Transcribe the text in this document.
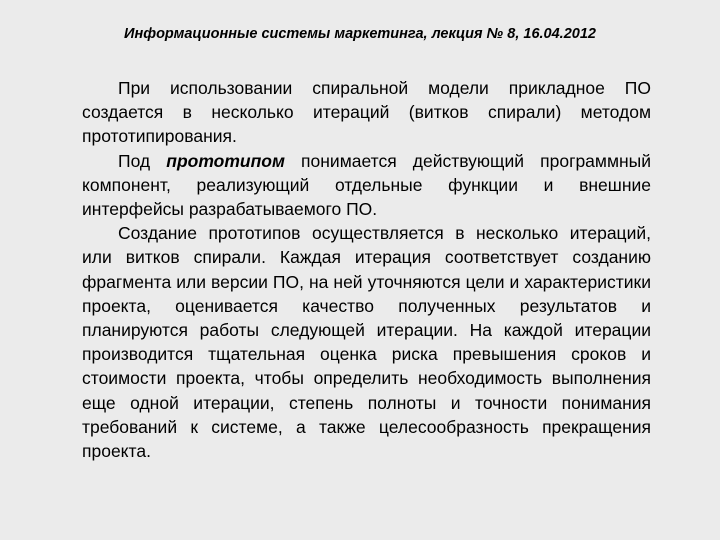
Информационные системы маркетинга, лекция № 8, 16.04.2012

При использовании спиральной модели прикладное ПО создается в несколько итераций (витков спирали) методом прототипирования.

Под прототипом понимается действующий программный компонент, реализующий отдельные функции и внешние интерфейсы разрабатываемого ПО.

Создание прототипов осуществляется в несколько итераций, или витков спирали. Каждая итерация соответствует созданию фрагмента или версии ПО, на ней уточняются цели и характеристики проекта, оценивается качество полученных результатов и планируются работы следующей итерации. На каждой итерации производится тщательная оценка риска превышения сроков и стоимости проекта, чтобы определить необходимость выполнения еще одной итерации, степень полноты и точности понимания требований к системе, а также целесообразность прекращения проекта.
